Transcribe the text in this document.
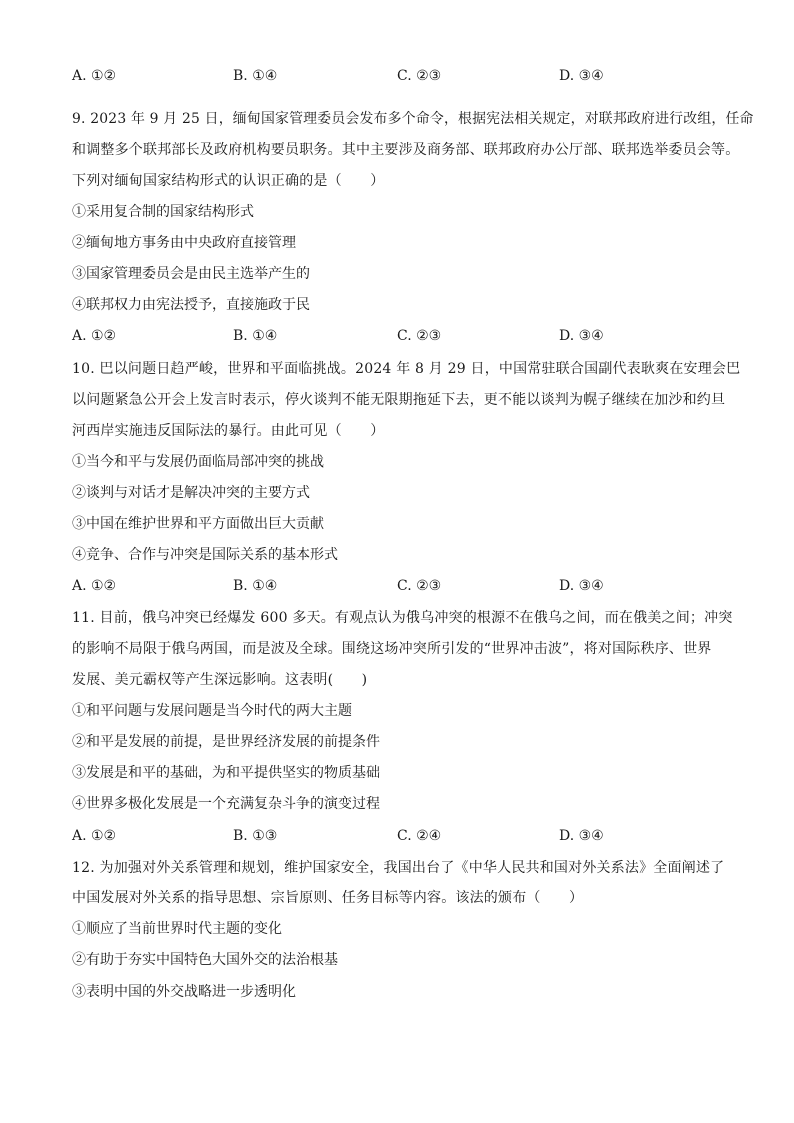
A. ①②	B. ①④	C. ②③	D. ③④
9. 2023 年 9 月 25 日，缅甸国家管理委员会发布多个命令，根据宪法相关规定，对联邦政府进行改组，任命
和调整多个联邦部长及政府机构要员职务。其中主要涉及商务部、联邦政府办公厅部、联邦选举委员会等。
下列对缅甸国家结构形式的认识正确的是（　　）
①采用复合制的国家结构形式
②缅甸地方事务由中央政府直接管理
③国家管理委员会是由民主选举产生的
④联邦权力由宪法授予，直接施政于民
A. ①②	B. ①④	C. ②③	D. ③④
10. 巴以问题日趋严峻，世界和平面临挑战。2024 年 8 月 29 日，中国常驻联合国副代表耿爽在安理会巴
以问题紧急公开会上发言时表示，停火谈判不能无限期拖延下去，更不能以谈判为幌子继续在加沙和约旦
河西岸实施违反国际法的暴行。由此可见（　　）
①当今和平与发展仍面临局部冲突的挑战
②谈判与对话才是解决冲突的主要方式
③中国在维护世界和平方面做出巨大贡献
④竞争、合作与冲突是国际关系的基本形式
A. ①②	B. ①④	C. ②③	D. ③④
11. 目前，俄乌冲突已经爆发 600 多天。有观点认为俄乌冲突的根源不在俄乌之间，而在俄美之间；冲突
的影响不局限于俄乌两国，而是波及全球。围绕这场冲突所引发的“世界冲击波”，将对国际秩序、世界
发展、美元霸权等产生深远影响。这表明(　　)
①和平问题与发展问题是当今时代的两大主题
②和平是发展的前提，是世界经济发展的前提条件
③发展是和平的基础，为和平提供坚实的物质基础
④世界多极化发展是一个充满复杂斗争的演变过程
A. ①②	B. ①③	C. ②④	D. ③④
12. 为加强对外关系管理和规划，维护国家安全，我国出台了《中华人民共和国对外关系法》全面阐述了
中国发展对外关系的指导思想、宗旨原则、任务目标等内容。该法的颁布（　　）
①顺应了当前世界时代主题的变化
②有助于夯实中国特色大国外交的法治根基
③表明中国的外交战略进一步透明化
